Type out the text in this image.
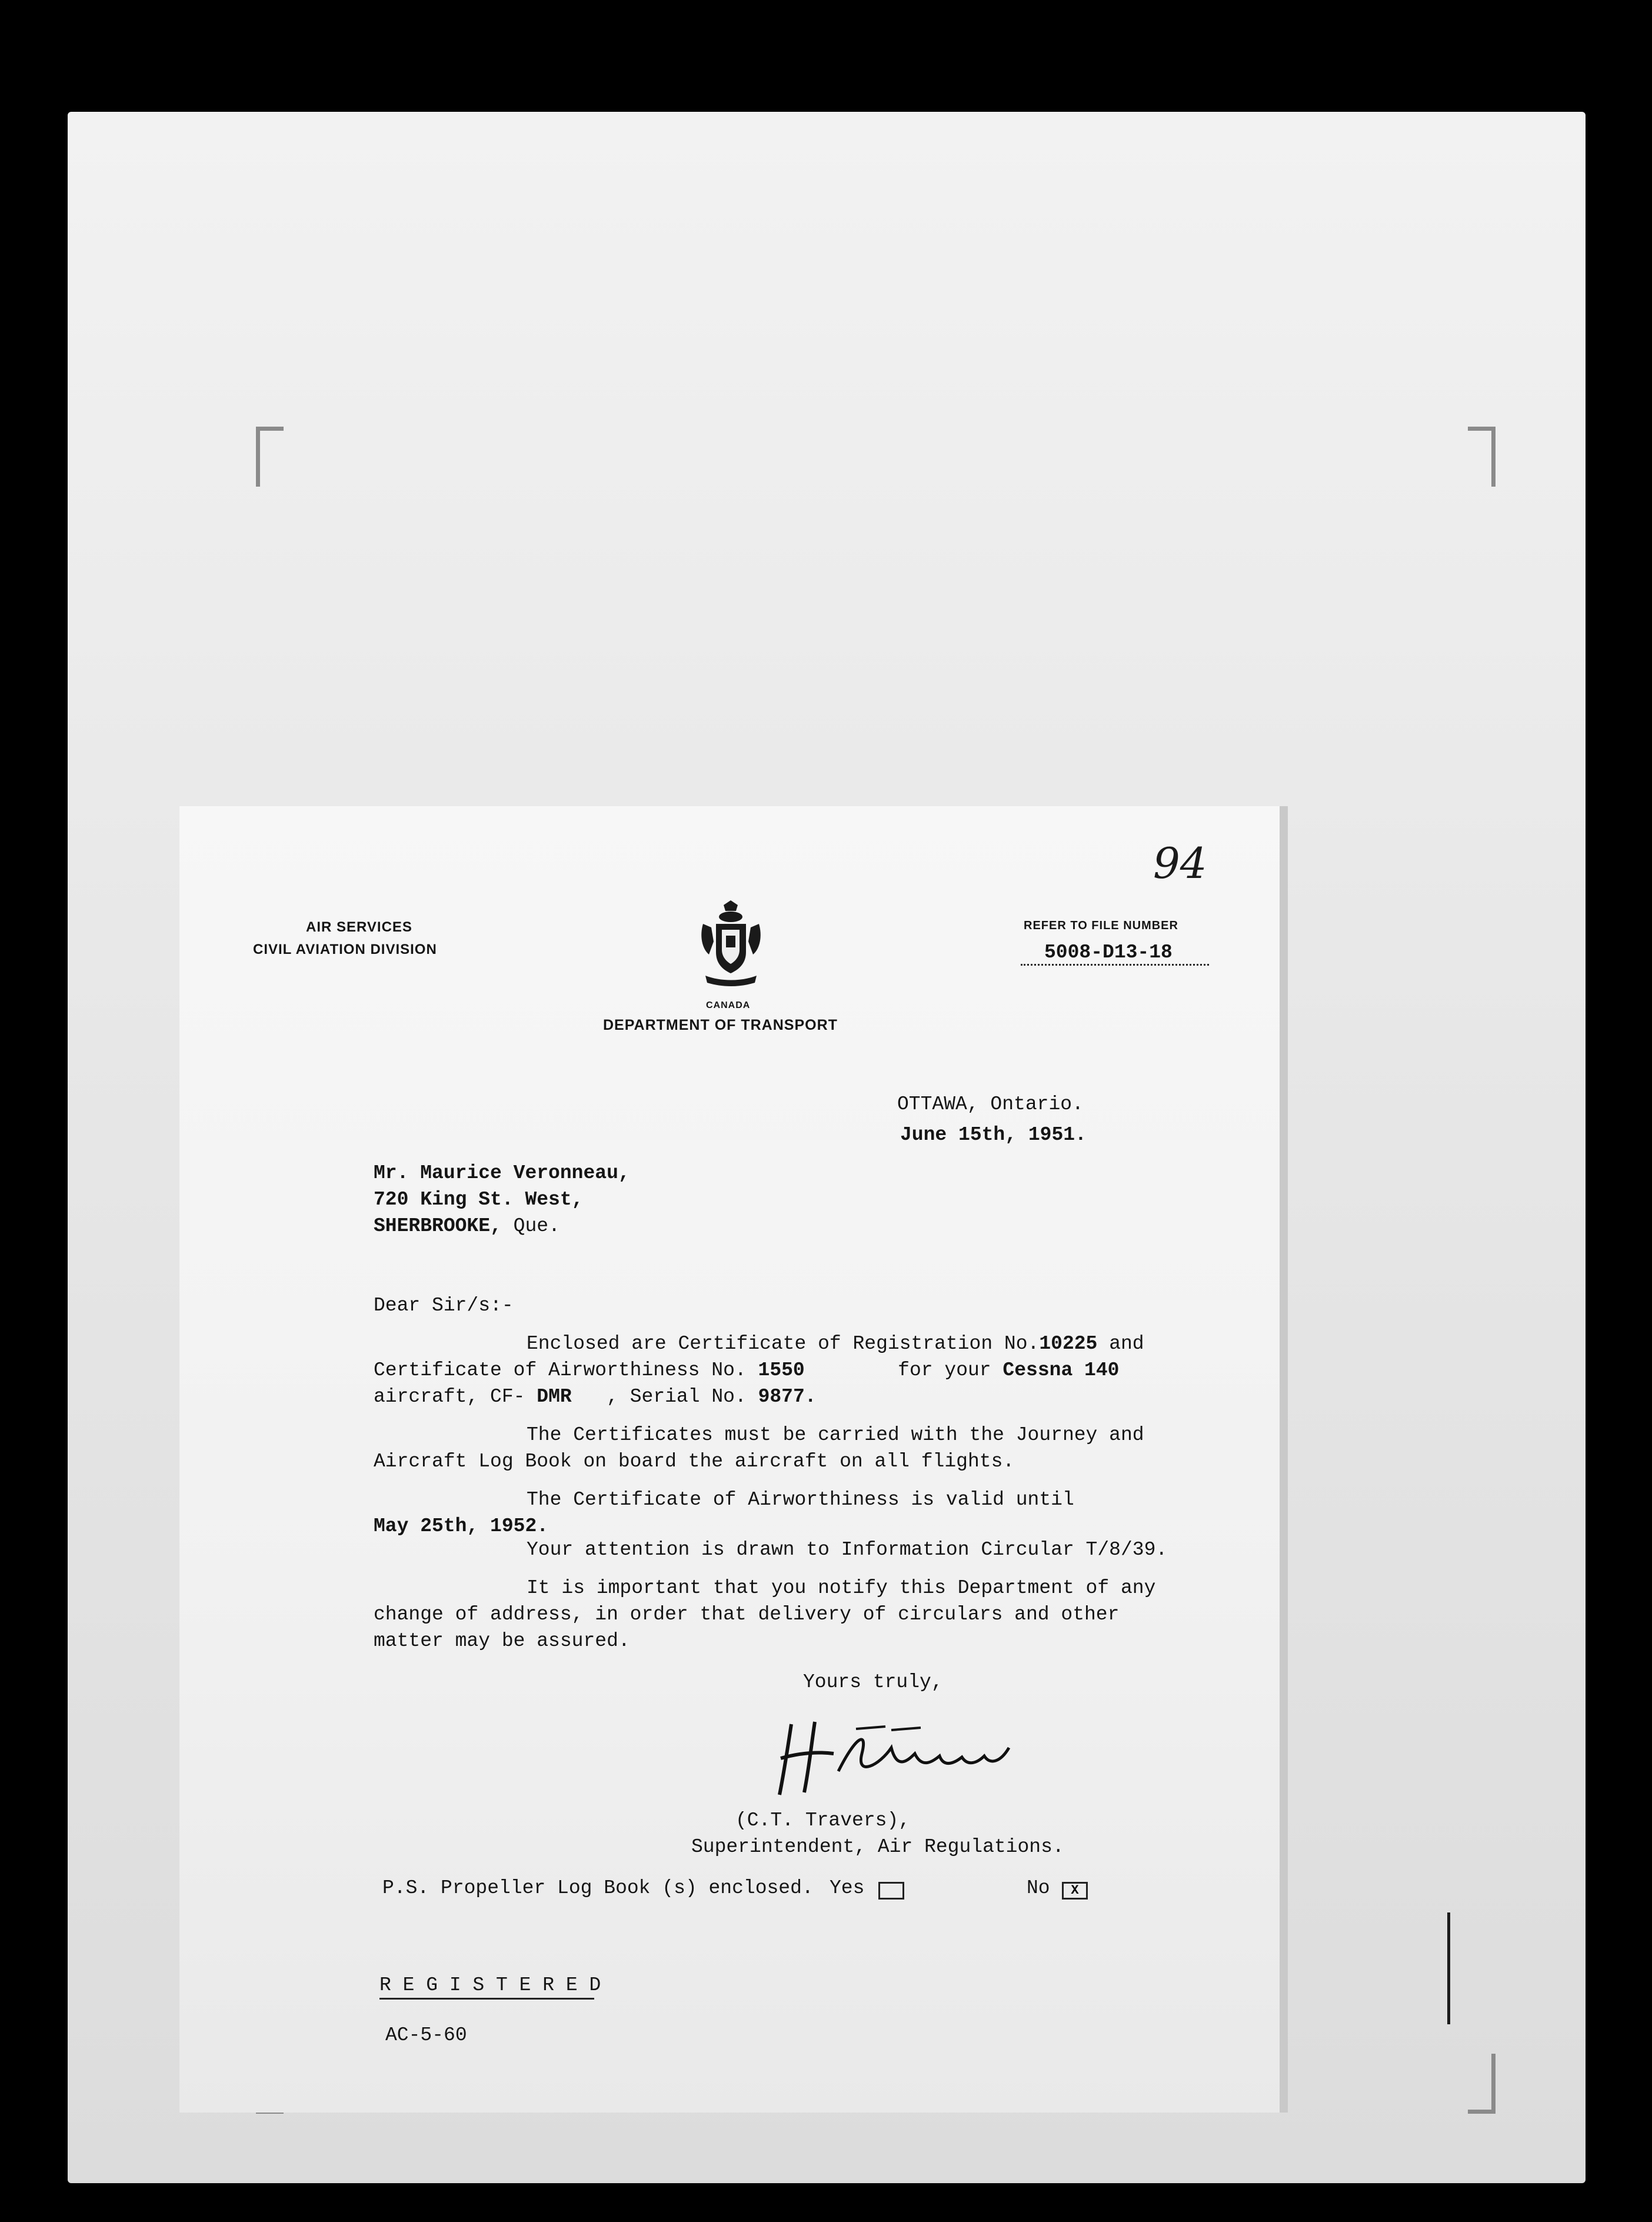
94

AIR SERVICES

CIVIL AVIATION DIVISION

CANADA

DEPARTMENT OF TRANSPORT

REFER TO FILE NUMBER

5008-D13-18

OTTAWA, Ontario.

June 15th, 1951.

Mr. Maurice Veronneau,

720 King St. West,

SHERBROOKE, Que.

Dear Sir/s:-

Enclosed are Certificate of Registration No.10225 and

Certificate of Airworthiness No. 1550	for your Cessna 140

aircraft, CF- DMR , Serial No. 9877.

The Certificates must be carried with the Journey and

Aircraft Log Book on board the aircraft on all flights.

The Certificate of Airworthiness is valid until

May 25th, 1952.

Your attention is drawn to Information Circular T/8/39.

It is important that you notify this Department of any

change of address, in order that delivery of circulars and other

matter may be assured.

Yours truly,

(C.T. Travers),

Superintendent, Air Regulations.

P.S. Propeller Log Book (s) enclosed. Yes	No	X

R E G I S T E R E D

AC-5-60
